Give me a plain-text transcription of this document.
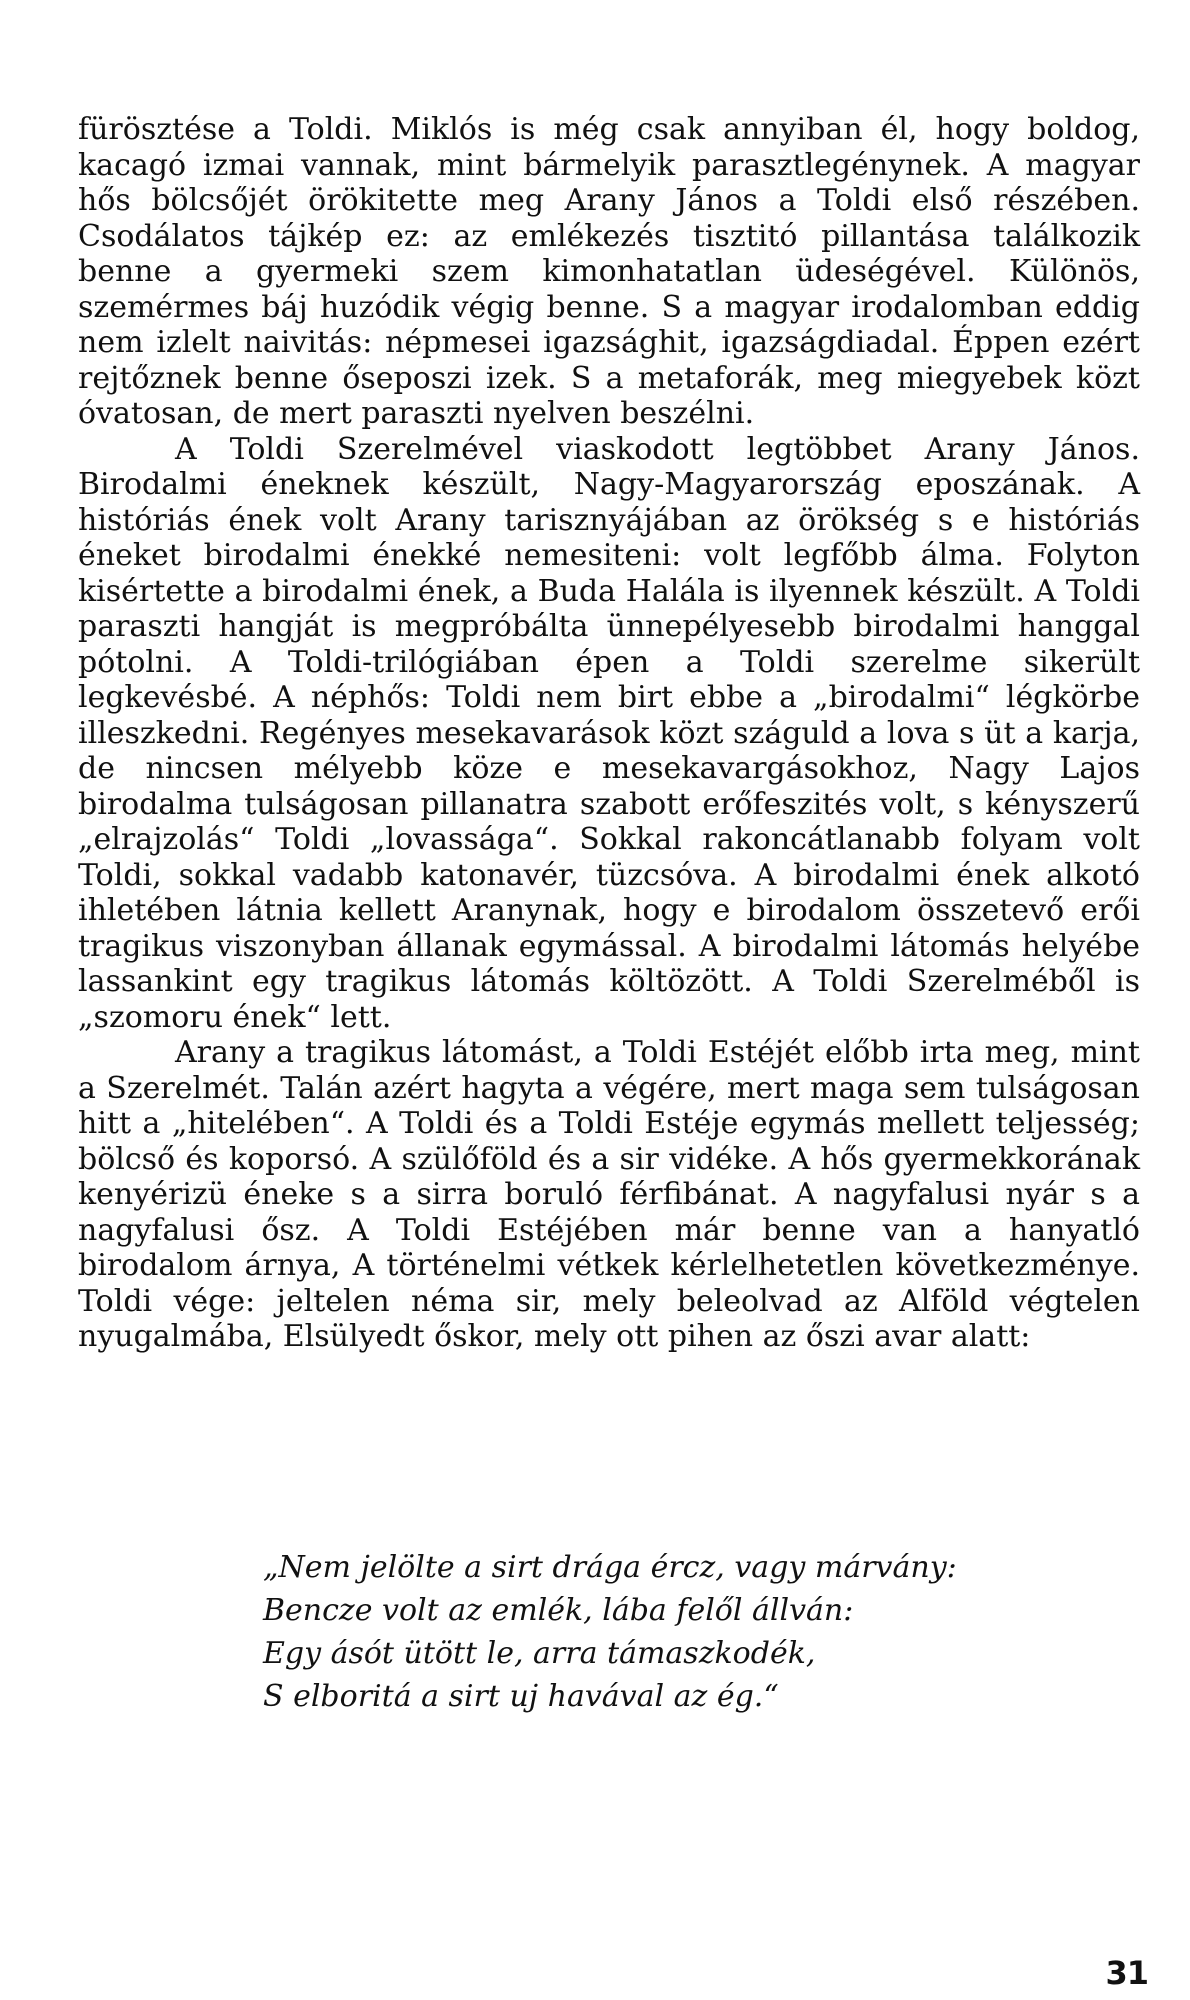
fürösztése a Toldi. Miklós is még csak annyiban él, hogy boldog, kacagó izmai vannak, mint bármelyik parasztlegénynek. A magyar hős bölcsőjét örökitette meg Arany János a Toldi első részében. Csodálatos tájkép ez: az emlékezés tisztitó pillantása találkozik benne a gyermeki szem kimonhatatlan üdeségével. Különös, szemérmes báj huzódik végig benne. S a magyar irodalomban eddig nem izlelt naivitás: népmesei igazsághit, igazságdiadal. Éppen ezért rejtőznek benne őseposzi izek. S a metaforák, meg miegyebek közt óvatosan, de mert paraszti nyelven beszélni.

A Toldi Szerelmével viaskodott legtöbbet Arany János. Birodalmi éneknek készült, Nagy-Magyarország eposzának. A históriás ének volt Arany tarisznyájában az örökség s e históriás éneket birodalmi énekké nemesiteni: volt legfőbb álma. Folyton kisértette a birodalmi ének, a Buda Halála is ilyennek készült. A Toldi paraszti hangját is megpróbálta ünnepélyesebb birodalmi hanggal pótolni. A Toldi-trilógiában épen a Toldi szerelme sikerült legkevésbé. A néphős: Toldi nem birt ebbe a „birodalmi“ légkörbe illeszkedni. Regényes mesekavarások közt száguld a lova s üt a karja, de nincsen mélyebb köze e mesekavargásokhoz, Nagy Lajos birodalma tulságosan pillanatra szabott erőfeszités volt, s kényszerű „elrajzolás“ Toldi „lovassága“. Sokkal rakoncátlanabb folyam volt Toldi, sokkal vadabb katonavér, tüzcsóva. A birodalmi ének alkotó ihletében látnia kellett Aranynak, hogy e birodalom összetevő erői tragikus viszonyban állanak egymással. A birodalmi látomás helyébe lassankint egy tragikus látomás költözött. A Toldi Szerelméből is „szomoru ének“ lett.

Arany a tragikus látomást, a Toldi Estéjét előbb irta meg, mint a Szerelmét. Talán azért hagyta a végére, mert maga sem tulságosan hitt a „hitelében“. A Toldi és a Toldi Estéje egymás mellett teljesség; bölcső és koporsó. A szülőföld és a sir vidéke. A hős gyermekkorának kenyérizü éneke s a sirra boruló férfibánat. A nagyfalusi nyár s a nagyfalusi ősz. A Toldi Estéjében már benne van a hanyatló birodalom árnya, A történelmi vétkek kérlelhetetlen következménye. Toldi vége: jeltelen néma sir, mely beleolvad az Alföld végtelen nyugalmába, Elsülyedt őskor, mely ott pihen az őszi avar alatt:

„Nem jelölte a sirt drága ércz, vagy márvány:
Bencze volt az emlék, lába felől állván:
Egy ásót ütött le, arra támaszkodék,
S elboritá a sirt uj havával az ég.“
31
